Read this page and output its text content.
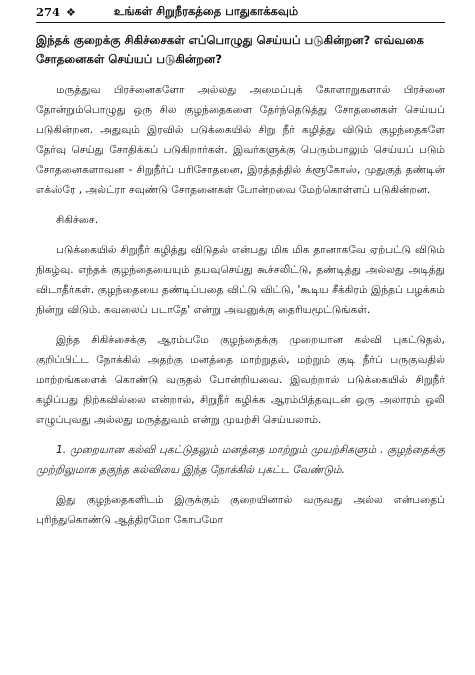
274 ❖	உங்கள் சிறுநீரகத்தை பாதுகாக்கவும்

இந்தக் குறைக்கு சிகிச்சைகள் எப்பொழுது செய்யப் படுகின்றன? எவ்வகை சோதனைகள் செய்யப் படுகின்றன?

மருத்துவ பிரச்னைகளோ அல்லது அமைப்புக் கோளாறுகளால் பிரச்னை தோன்றும்பொழுது ஒரு சில குழந்தைகளை தேர்ந்தெடுத்து சோதனைகள் செய்யப் படுகின்றன. அதுவும் இரவில் படுக்கையில் சிறு நீர் கழித்து விடும் குழந்தைகளே தேர்வு செய்து சோதிக்கப் படுகிறார்கள். இவர்களுக்கு பெரும்பாலும் செய்யப் படும் சோதனைகளாவன - சிறுநீர்ப் பரிசோதனை, இரத்தத்தில் க்ளூகோஸ், முதுகுத் தண்டின் எக்ஸ்ரே , அல்ட்ரா சவுண்டு சோதனைகள் போன்றவை மேற்கொள்ளப் படுகின்றன.

சிகிச்சை.

படுக்கையில் சிறுநீர் கழித்து விடுதல் என்பது மிக மிக தானாகவே ஏற்பட்டு விடும் நிகழ்வு. எந்தக் குழந்தையையும் தயவுசெய்து கூச்சலிட்டு, தண்டித்து அல்லது அடித்து விடாதீர்கள். குழந்தையை தண்டிப்பதை விட்டு விட்டு, 'கூடிய சீக்கிரம் இந்தப் பழக்கம் நின்று விடும். கவலைப் படாதே' என்று அவனுக்கு தைரியமூட்டுங்கள்.

இந்த சிகிச்சைக்கு ஆரம்பமே குழந்தைக்கு முறையான கல்வி புகட்டுதல், குறிப்பிட்ட நோக்கில் அதற்கு மனத்தை மாற்றுதல், மற்றும் குடி நீர்ப் பருகுவதில் மாற்றங்களைக் கொண்டு வருதல் போன்றியவை. இவற்றால் படுக்கையில் சிறுநீர் கழிப்பது நிற்கவில்லை என்றால், சிறுநீர் கழிக்க ஆரம்பித்தவுடன் ஒரு அலாரம் ஒலி எழுப்புவது அல்லது மருத்துவம் என்று முயற்சி செய்யலாம்.

1. முறையான கல்வி புகட்டுதலும் மனத்தை மாற்றும் முயற்சிகளும் . குழந்தைக்கு முற்றிலுமாக தகுந்த கல்வியை இந்த நோக்கில் புகட்ட வேண்டும்.

இது குழந்தைகளிடம் இருக்கும் குறையினால் வருவது அல்ல என்பதைப் புரிந்துகொண்டு ஆத்திரமோ கோபமோ
